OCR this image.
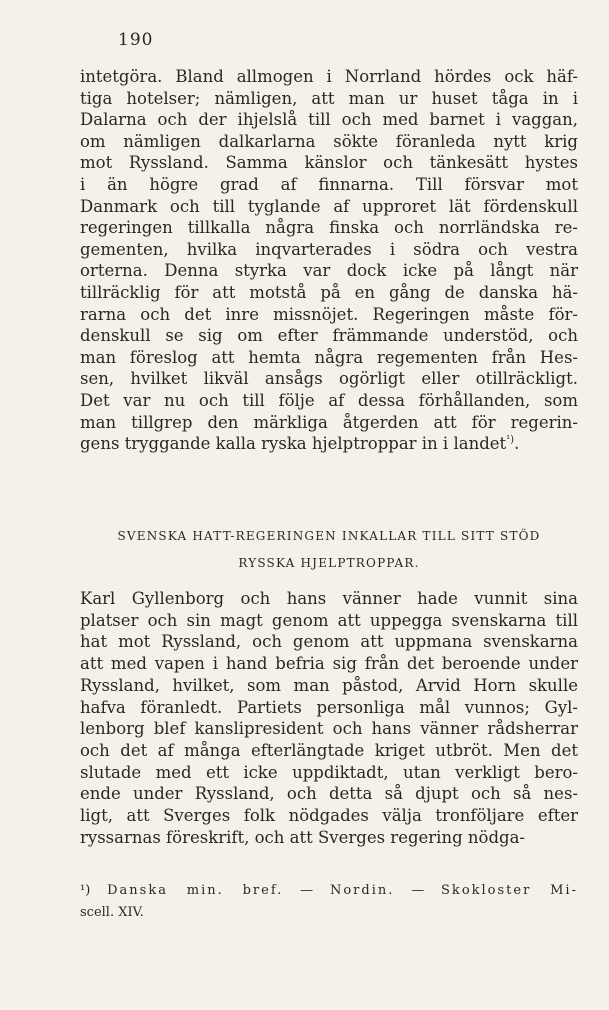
190
intetgöra. Bland allmogen i Norrland hördes ock häf-
tiga hotelser; nämligen, att man ur huset tåga in i
Dalarna och der ihjelslå till och med barnet i vaggan,
om nämligen dalkarlarna sökte föranleda nytt krig
mot Ryssland. Samma känslor och tänkesätt hystes
i än högre grad af finnarna. Till försvar mot
Danmark och till tyglande af upproret lät fördenskull
regeringen tillkalla några finska och norrländska re-
gementen, hvilka inqvarterades i södra och vestra
orterna. Denna styrka var dock icke på långt när
tillräcklig för att motstå på en gång de danska hä-
rarna och det inre missnöjet. Regeringen måste för-
denskull se sig om efter främmande understöd, och
man föreslog att hemta några regementen från Hes-
sen, hvilket likväl ansågs ogörligt eller otillräckligt.
Det var nu och till följe af dessa förhållanden, som
man tillgrep den märkliga åtgerden att för regerin-
gens tryggande kalla ryska hjelptroppar in i landet$^{^1)}$.
SVENSKA HATT-REGERINGEN INKALLAR TILL SITT STÖD
RYSSKA HJELPTROPPAR.
Karl Gyllenborg och hans vänner hade vunnit sina
platser och sin magt genom att uppegga svenskarna till
hat mot Ryssland, och genom att uppmana svenskarna
att med vapen i hand befria sig från det beroende under
Ryssland, hvilket, som man påstod, Arvid Horn skulle
hafva föranledt. Partiets personliga mål vunnos; Gyl-
lenborg blef kanslipresident och hans vänner rådsherrar
och det af många efterlängtade kriget utbröt. Men det
slutade med ett icke uppdiktadt, utan verkligt bero-
ende under Ryssland, och detta så djupt och så nes-
ligt, att Sverges folk nödgades välja tronföljare efter
ryssarnas föreskrift, och att Sverges regering nödga-
¹) Danska min. bref. — Nordin. — Skokloster Mi-
scell. XIV.
